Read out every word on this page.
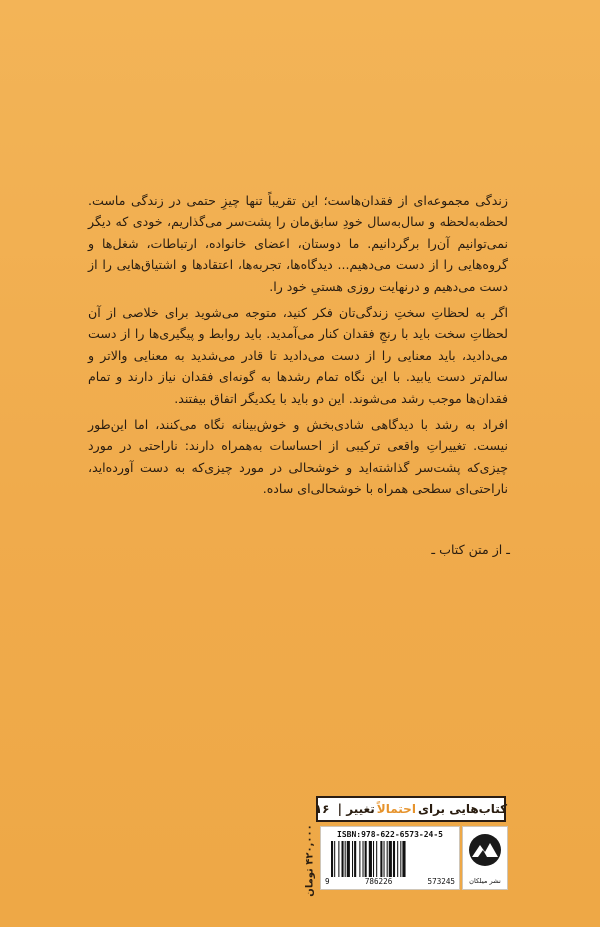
زندگی مجموعه‌ای از فقدان‌هاست؛ این تقریباً تنها چیزِ حتمی در زندگی ماست. لحظه‌به‌لحظه و سال‌به‌سال خودِ سابق‌مان را پشت‌سر می‌گذاریم، خودی که دیگر نمی‌توانیم آن‌را برگردانیم. ما دوستان، اعضای خانواده، ارتباطات، شغل‌ها و گروه‌هایی را از دست می‌دهیم... دیدگاه‌ها، تجربه‌ها، اعتقادها و اشتیاق‌هایی را از دست می‌دهیم و درنهایت روزی هستیِ خود را.

اگر به لحظاتِ سختِ زندگی‌تان فکر کنید، متوجه می‌شوید برای خلاصی از آن لحظاتِ سخت باید با رنجِ فقدان کنار می‌آمدید. باید روابط و پیگیری‌ها را از دست می‌دادید، باید معنایی را از دست می‌دادید تا قادر می‌شدید به معنایی والاتر و سالم‌تر دست یابید. با این نگاه تمام رشدها به گونه‌ای فقدان نیاز دارند و تمام فقدان‌ها موجب رشد می‌شوند. این دو باید با یکدیگر اتفاق بیفتند.

افراد به رشد با دیدگاهی شادی‌بخش و خوش‌بینانه نگاه می‌کنند، اما این‌طور نیست. تغییراتِ واقعی ترکیبی از احساسات به‌همراه دارند: ناراحتی در مورد چیزی‌که پشت‌سر گذاشته‌اید و خوشحالی در مورد چیزی‌که به دست آورده‌اید، ناراحتی‌ای سطحی همراه با خوشحالی‌ای ساده.

ـ از متن کتاب ـ
کتاب‌هایی برای
احتمالاً
تغییر
|
۱۶
۴۲۰,۰۰۰ تومان	ISBN:978-622-6573-24-5
9	786226	573245	نشر میلکان
